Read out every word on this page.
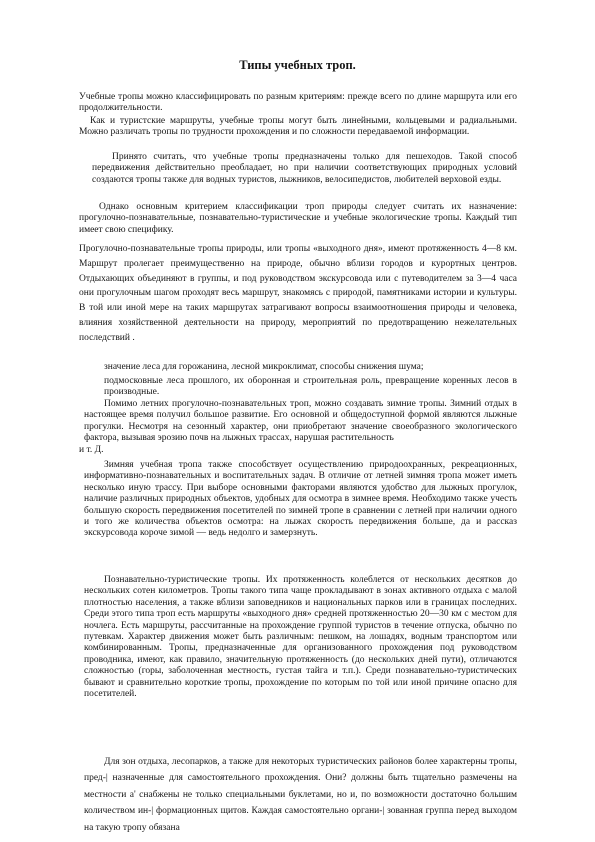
Типы учебных троп.

Учебные тропы можно классифицировать по разным критериям: прежде всего по длине маршрута или его продолжительности.

Как и туристские маршруты, учебные тропы могут быть линейными, кольцевыми и радиальными. Можно различать тропы по трудности прохождения и по сложности передаваемой информации.

Принято считать, что учебные тропы предназначены только для пешеходов. Такой способ передвижения действительно преобладает, но при наличии соответствующих природных условий создаются тропы также для водных туристов, лыжников, велосипедистов, любителей верховой езды.

Однако основным критерием классификации троп природы следует считать их назначение: прогулочно-познавательные, познавательно-туристические и учебные экологические тропы. Каждый тип имеет свою специфику.

Прогулочно-познавательные тропы природы, или тропы «выходного дня», имеют протяженность 4—8 км. Маршрут пролегает преимущественно на природе, обычно вблизи городов и курортных центров. Отдыхающих объединяют в группы, и под руководством экскурсовода или с путеводителем за 3—4 часа они прогулочным шагом проходят весь маршрут, знакомясь с природой, памятниками истории и культуры. В той или иной мере на таких маршрутах затрагивают вопросы взаимоотношения природы и человека, влияния хозяйственной деятельности на природу, мероприятий по предотвращению нежелательных последствий .

значение леса для горожанина, лесной микроклимат, способы снижения шума;

подмосковные леса прошлого, их оборонная и строительная роль, превращение коренных лесов в производные.

Помимо летних прогулочно-познавательных троп, можно создавать зимние тропы. Зимний отдых в настоящее время получил большое развитие. Его основной и общедоступной формой являются лыжные прогулки. Несмотря на сезонный характер, они приобретают значение своеобразного экологического фактора, вызывая эрозию почв на лыжных трассах, нарушая растительность

и т. Д.

Зимняя учебная тропа также способствует осуществлению природоохранных, рекреационных, информативно-познавательных и воспитательных задач. В отличие от летней зимняя тропа может иметь несколько иную трассу. При выборе основными факторами являются удобство для лыжных прогулок, наличие различных природных объектов, удобных для осмотра в зимнее время. Необходимо также учесть большую скорость передвижения посетителей по зимней тропе в сравнении с летней при наличии одного и того же количества объектов осмотра: на лыжах скорость передвижения больше, да и рассказ экскурсовода короче зимой — ведь недолго и замерзнуть.

Познавательно-туристические тропы. Их протяженность колеблется от нескольких десятков до нескольких сотен километров. Тропы такого типа чаще прокладывают в зонах активного отдыха с малой плотностью населения, а также вблизи заповедников и национальных парков или в границах последних. Среди этого типа троп есть маршруты «выходного дня» средней протяженностью 20—30 км с местом для ночлега. Есть маршруты, рассчитанные на прохождение группой туристов в течение отпуска, обычно по путевкам. Характер движения может быть различным: пешком, на лошадях, водным транспортом или комбинированным. Тропы, предназначенные для организованного прохождения под руководством проводника, имеют, как правило, значительную протяженность (до нескольких дней пути), отличаются сложностью (горы, заболоченная местность, густая тайга и т.п.). Среди познавательно-туристических бывают и сравнительно короткие тропы, прохождение по которым по той или иной причине опасно для посетителей.

Для зон отдыха, лесопарков, а также для некоторых туристических районов более характерны тропы, пред-| назначенные для самостоятельного прохождения. Они? должны быть тщательно размечены на местности a' снабжены не только специальными буклетами, но и, по возможности достаточно большим количеством ин-| формационных щитов. Каждая самостоятельно органи-| зованная группа перед выходом на такую тропу обязана
